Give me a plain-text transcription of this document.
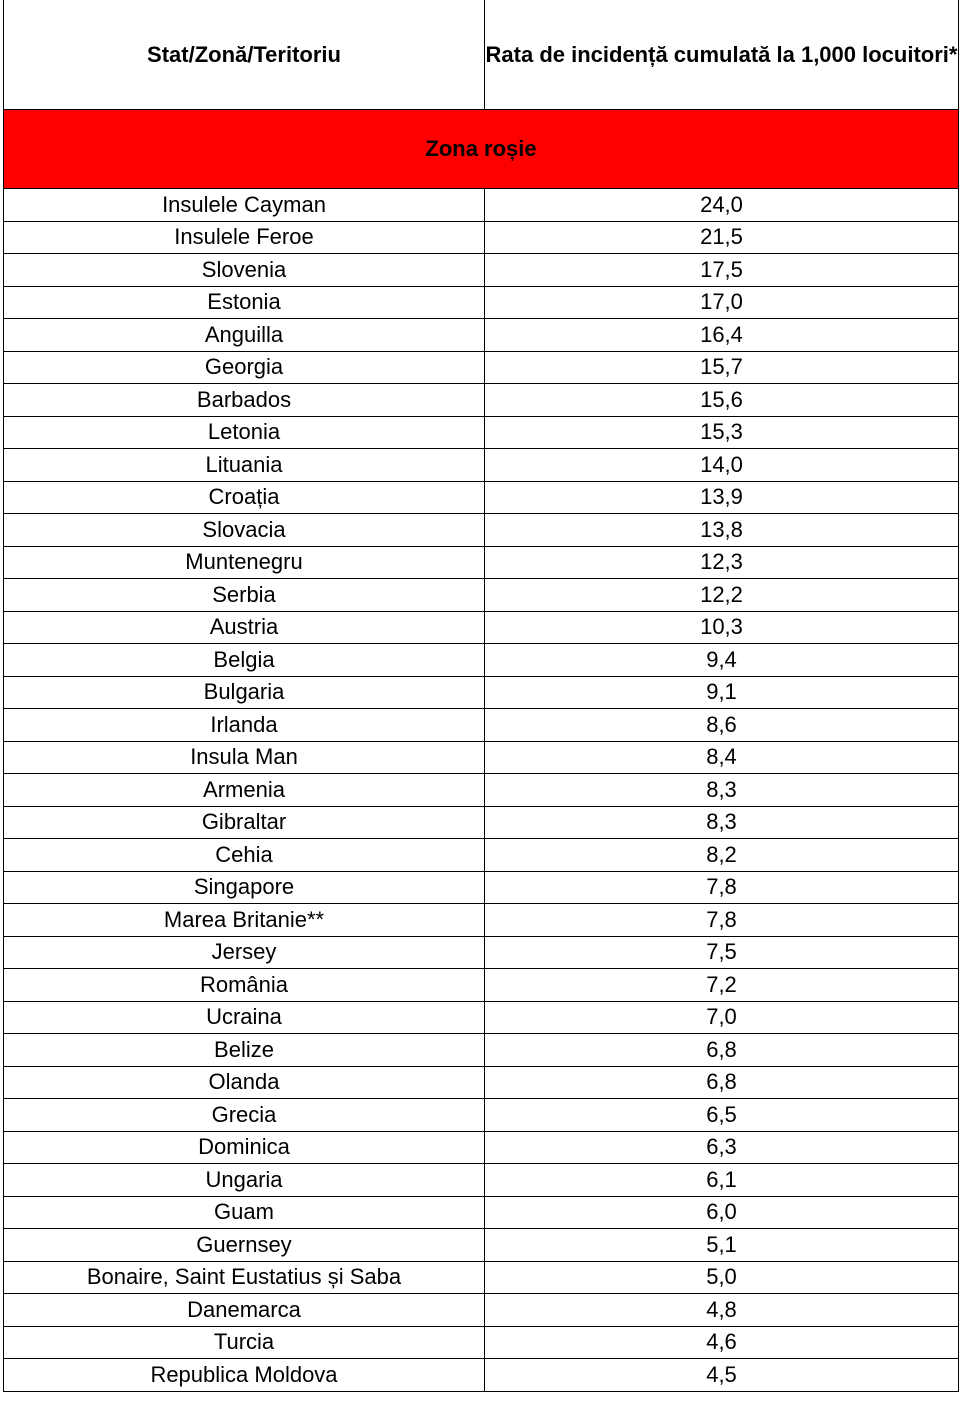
Stat/Zonă/Teritoriu	Rata de incidență cumulată la 1,000 locuitori*
Zona roșie	
Insulele Cayman	24,0
Insulele Feroe	21,5
Slovenia	17,5
Estonia	17,0
Anguilla	16,4
Georgia	15,7
Barbados	15,6
Letonia	15,3
Lituania	14,0
Croația	13,9
Slovacia	13,8
Muntenegru	12,3
Serbia	12,2
Austria	10,3
Belgia	9,4
Bulgaria	9,1
Irlanda	8,6
Insula Man	8,4
Armenia	8,3
Gibraltar	8,3
Cehia	8,2
Singapore	7,8
Marea Britanie**	7,8
Jersey	7,5
România	7,2
Ucraina	7,0
Belize	6,8
Olanda	6,8
Grecia	6,5
Dominica	6,3
Ungaria	6,1
Guam	6,0
Guernsey	5,1
Bonaire, Saint Eustatius și Saba	5,0
Danemarca	4,8
Turcia	4,6
Republica Moldova	4,5
